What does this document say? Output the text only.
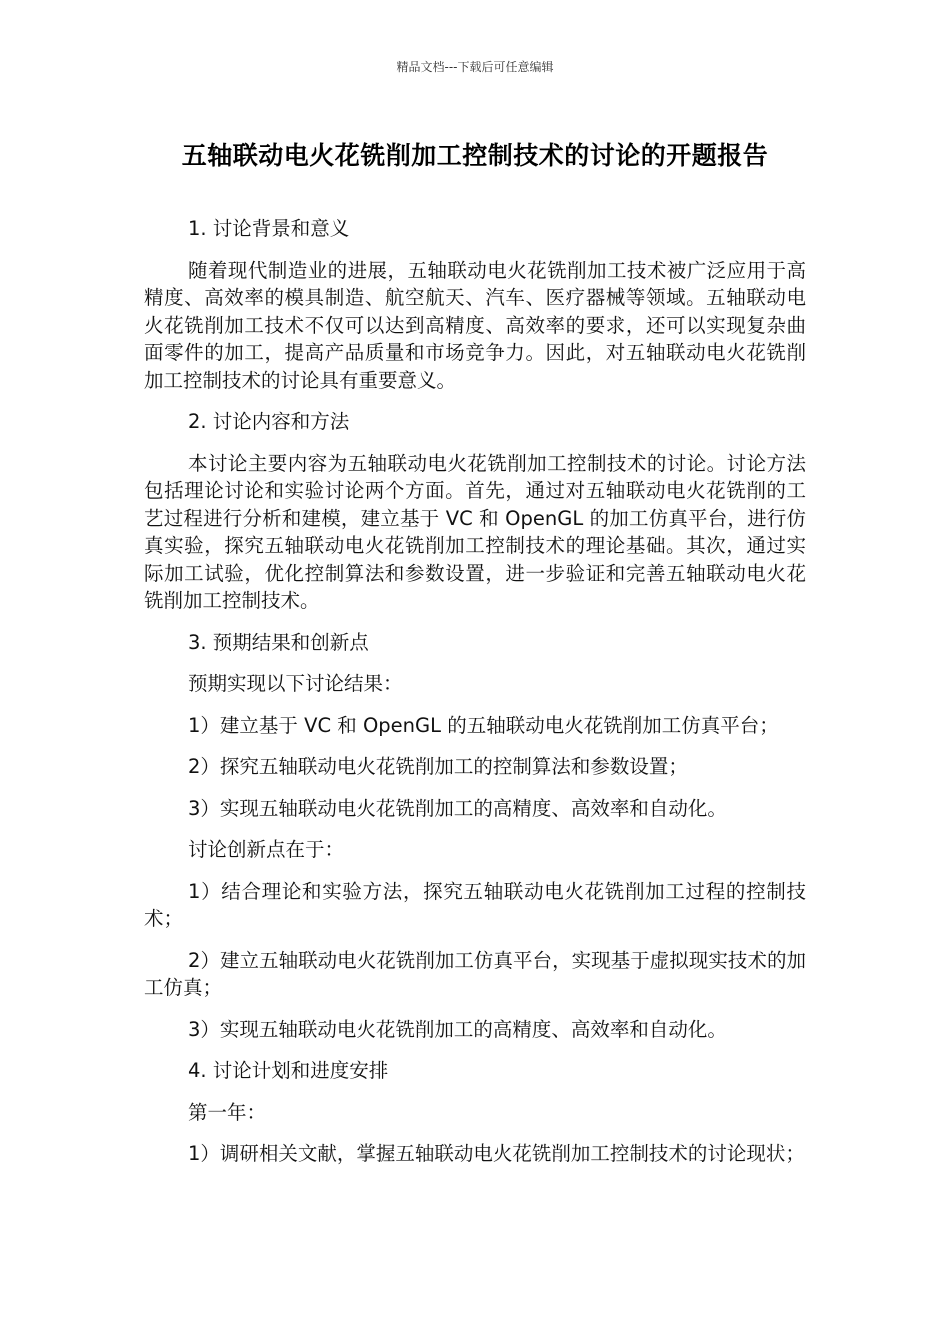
精品文档---下载后可任意编辑
五轴联动电火花铣削加工控制技术的讨论的开题报告

1. 讨论背景和意义

随着现代制造业的进展，五轴联动电火花铣削加工技术被广泛应用于高精度、高效率的模具制造、航空航天、汽车、医疗器械等领域。五轴联动电火花铣削加工技术不仅可以达到高精度、高效率的要求，还可以实现复杂曲面零件的加工，提高产品质量和市场竞争力。因此，对五轴联动电火花铣削加工控制技术的讨论具有重要意义。

2. 讨论内容和方法

本讨论主要内容为五轴联动电火花铣削加工控制技术的讨论。讨论方法包括理论讨论和实验讨论两个方面。首先，通过对五轴联动电火花铣削的工艺过程进行分析和建模，建立基于 VC 和 OpenGL 的加工仿真平台，进行仿真实验，探究五轴联动电火花铣削加工控制技术的理论基础。其次，通过实际加工试验，优化控制算法和参数设置，进一步验证和完善五轴联动电火花铣削加工控制技术。

3. 预期结果和创新点

预期实现以下讨论结果：

1）建立基于 VC 和 OpenGL 的五轴联动电火花铣削加工仿真平台；

2）探究五轴联动电火花铣削加工的控制算法和参数设置；

3）实现五轴联动电火花铣削加工的高精度、高效率和自动化。

讨论创新点在于：

1）结合理论和实验方法，探究五轴联动电火花铣削加工过程的控制技术；

2）建立五轴联动电火花铣削加工仿真平台，实现基于虚拟现实技术的加工仿真；

3）实现五轴联动电火花铣削加工的高精度、高效率和自动化。

4. 讨论计划和进度安排

第一年：

1）调研相关文献，掌握五轴联动电火花铣削加工控制技术的讨论现状；
